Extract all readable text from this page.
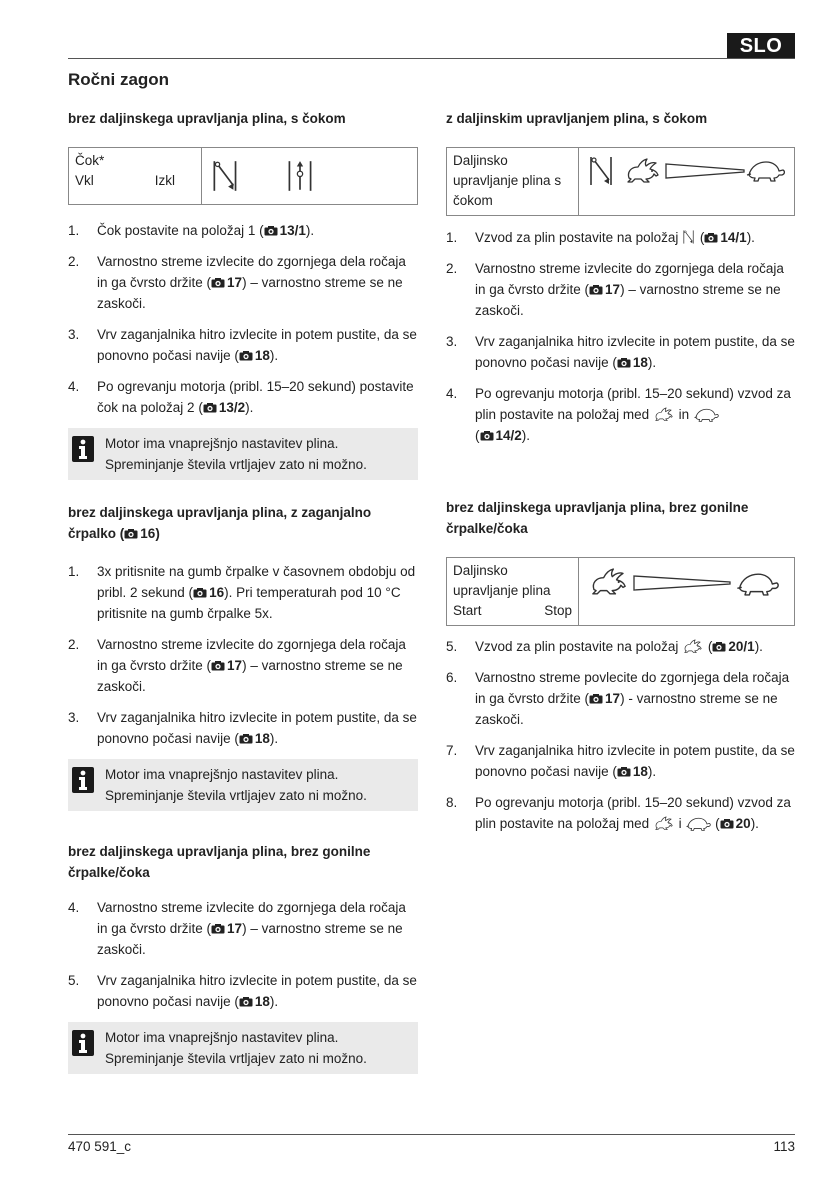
SLO
Ročni zagon
brez daljinskega upravljanja plina, s čokom
Čok*
Vkl	Izkl
1. Čok postavite na položaj 1 ( 13/1).
2. Varnostno streme izvlecite do zgornjega dela ročaja in ga čvrsto držite ( 17) – varnostno streme se ne zaskoči.
3. Vrv zaganjalnika hitro izvlecite in potem pustite, da se ponovno počasi navije ( 18).
4. Po ogrevanju motorja (pribl. 15–20 sekund) postavite čok na položaj 2 ( 13/2).
Motor ima vnaprejšnjo nastavitev plina. Spreminjanje števila vrtljajev zato ni možno.
brez daljinskega upravljanja plina, z zaganjalno črpalko ( 16)
1. 3x pritisnite na gumb črpalke v časovnem obdobju od pribl. 2 sekund ( 16). Pri temperaturah pod 10 °C pritisnite na gumb črpalke 5x.
2. Varnostno streme izvlecite do zgornjega dela ročaja in ga čvrsto držite ( 17) – varnostno streme se ne zaskoči.
3. Vrv zaganjalnika hitro izvlecite in potem pustite, da se ponovno počasi navije ( 18).
Motor ima vnaprejšnjo nastavitev plina. Spreminjanje števila vrtljajev zato ni možno.
brez daljinskega upravljanja plina, brez gonilne črpalke/čoka
4. Varnostno streme izvlecite do zgornjega dela ročaja in ga čvrsto držite ( 17) – varnostno streme se ne zaskoči.
5. Vrv zaganjalnika hitro izvlecite in potem pustite, da se ponovno počasi navije ( 18).
Motor ima vnaprejšnjo nastavitev plina. Spreminjanje števila vrtljajev zato ni možno.
z daljinskim upravljanjem plina, s čokom
Daljinsko upravljanje plina s čokom
1. Vzvod za plin postavite na položaj  ( 14/1).
2. Varnostno streme izvlecite do zgornjega dela ročaja in ga čvrsto držite ( 17) – varnostno streme se ne zaskoči.
3. Vrv zaganjalnika hitro izvlecite in potem pustite, da se ponovno počasi navije ( 18).
4. Po ogrevanju motorja (pribl. 15–20 sekund) vzvod za plin postavite na položaj med in
( 14/2).
brez daljinskega upravljanja plina, brez gonilne črpalke/čoka
Daljinsko
upravljanje plina
Start	Stop
5. Vzvod za plin postavite na položaj  ( 20/1).
6. Varnostno streme povlecite do zgornjega dela ročaja in ga čvrsto držite ( 17) - varnostno streme se ne zaskoči.
7. Vrv zaganjalnika hitro izvlecite in potem pustite, da se ponovno počasi navije ( 18).
8. Po ogrevanju motorja (pribl. 15–20 sekund) vzvod za plin postavite na položaj med i  ( 20).
470 591_c	113
